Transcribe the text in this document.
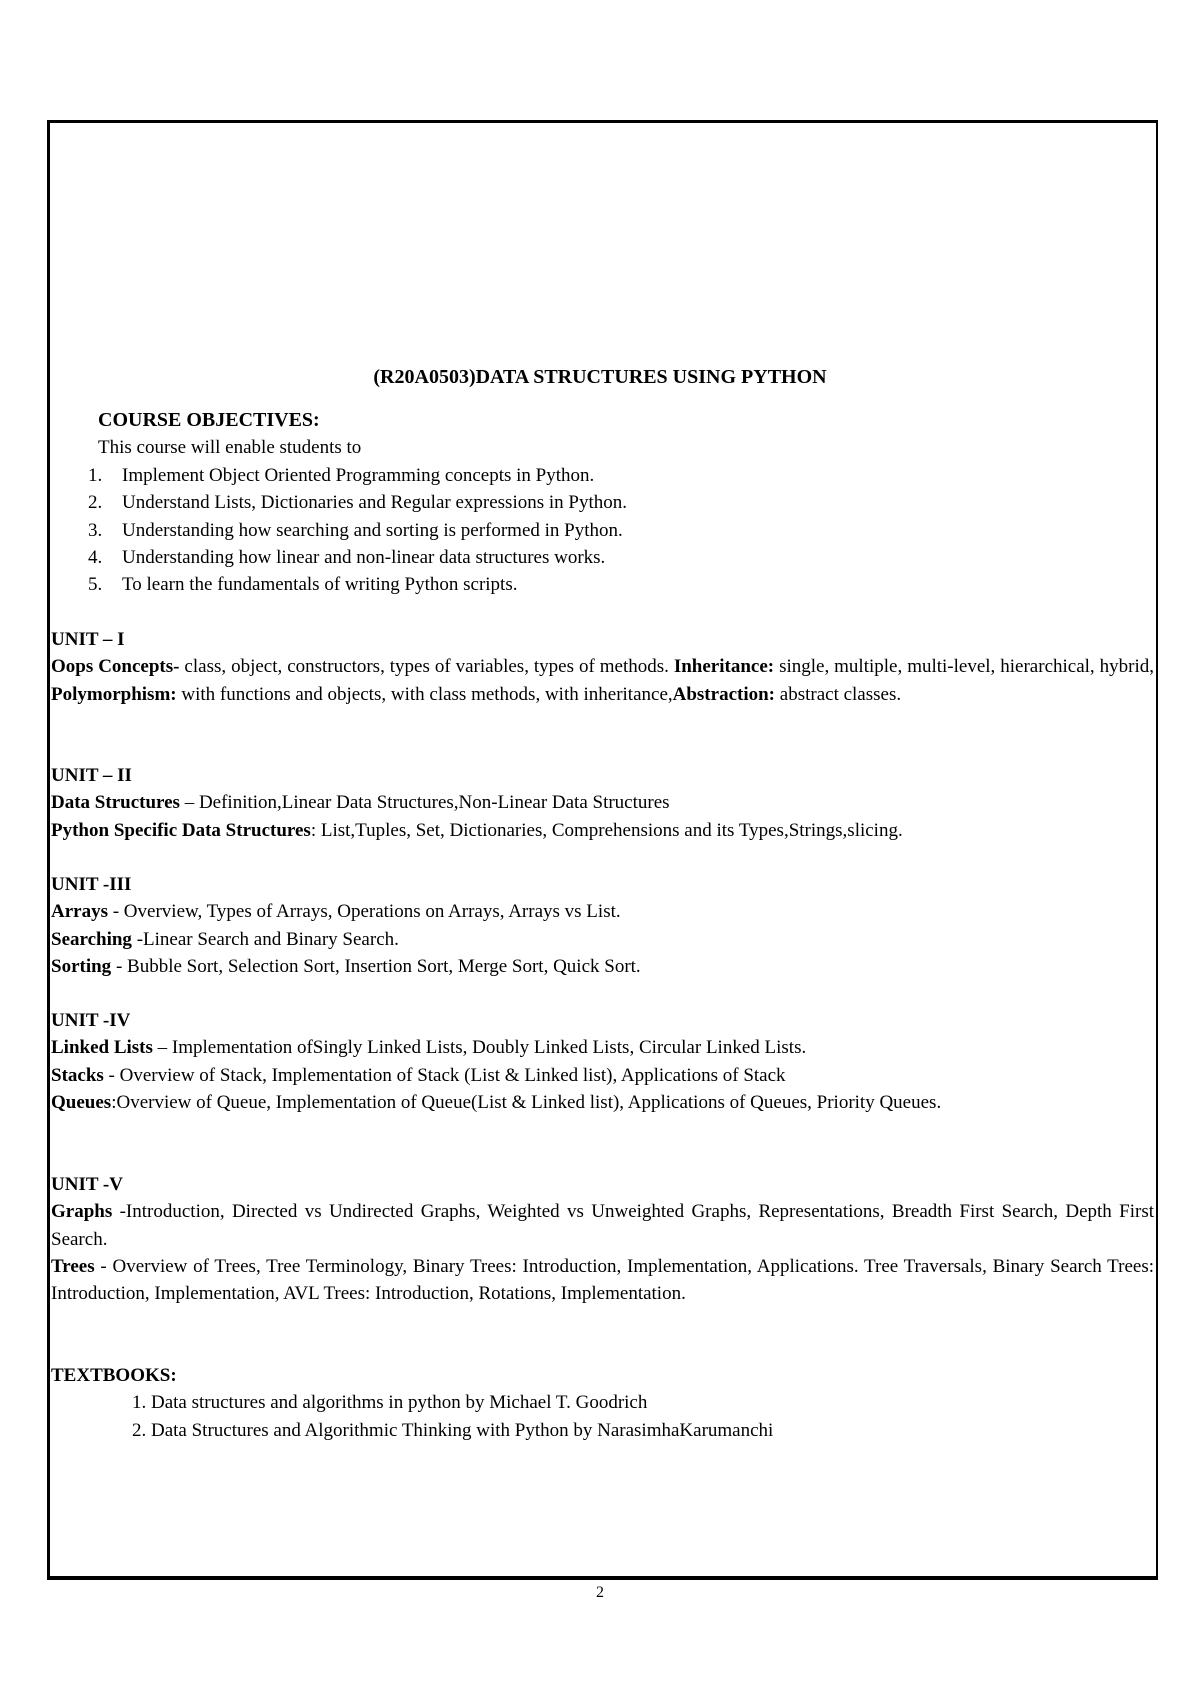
(R20A0503)DATA STRUCTURES USING PYTHON
COURSE OBJECTIVES:
This course will enable students to
1. Implement Object Oriented Programming concepts in Python.
2. Understand Lists, Dictionaries and Regular expressions in Python.
3. Understanding how searching and sorting is performed in Python.
4. Understanding how linear and non-linear data structures works.
5. To learn the fundamentals of writing Python scripts.
UNIT – I

Oops Concepts- class, object, constructors, types of variables, types of methods. Inheritance: single, multiple, multi-level, hierarchical, hybrid, Polymorphism: with functions and objects, with class methods, with inheritance,Abstraction: abstract classes.

UNIT – II

Data Structures – Definition,Linear Data Structures,Non-Linear Data Structures

Python Specific Data Structures: List,Tuples, Set, Dictionaries, Comprehensions and its Types,Strings,slicing.

UNIT -III

Arrays - Overview, Types of Arrays, Operations on Arrays, Arrays vs List.

Searching -Linear Search and Binary Search.

Sorting - Bubble Sort, Selection Sort, Insertion Sort, Merge Sort, Quick Sort.

UNIT -IV

Linked Lists – Implementation ofSingly Linked Lists, Doubly Linked Lists, Circular Linked Lists.

Stacks - Overview of Stack, Implementation of Stack (List & Linked list), Applications of Stack

Queues:Overview of Queue, Implementation of Queue(List & Linked list), Applications of Queues, Priority Queues.

UNIT -V

Graphs -Introduction, Directed vs Undirected Graphs, Weighted vs Unweighted Graphs, Representations, Breadth First Search, Depth First Search.

Trees - Overview of Trees, Tree Terminology, Binary Trees: Introduction, Implementation, Applications. Tree Traversals, Binary Search Trees: Introduction, Implementation, AVL Trees: Introduction, Rotations, Implementation.

TEXTBOOKS:
1. Data structures and algorithms in python by Michael T. Goodrich
2. Data Structures and Algorithmic Thinking with Python by NarasimhaKarumanchi
2
